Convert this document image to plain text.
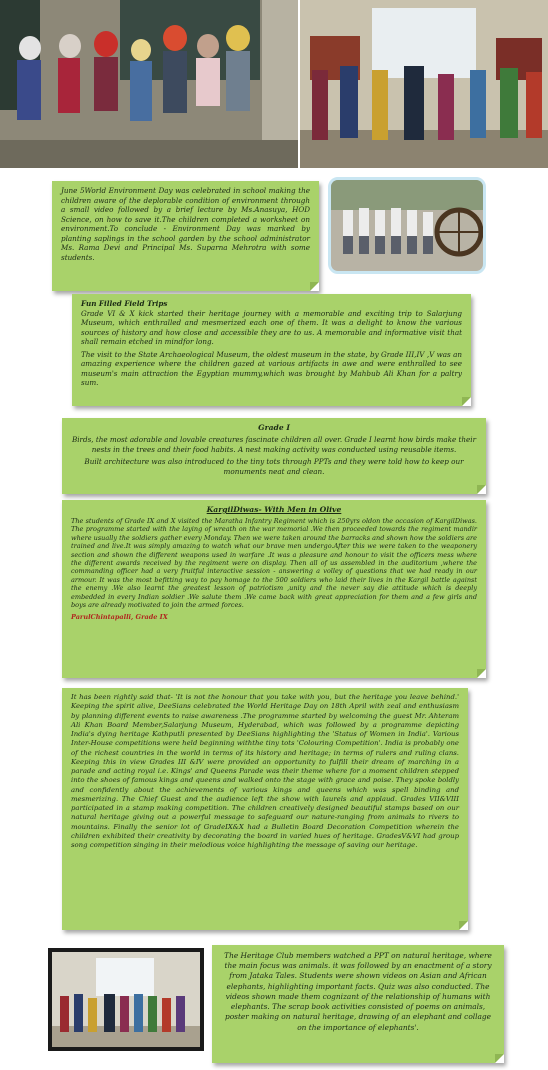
June 5World Environment Day was celebrated in school making the children aware of the deplorable condition of environment through a small video followed by a brief lecture by Ms.Anasuya, HOD Science, on how to save it.The children completed a worksheet on environment.To conclude - Environment Day was marked by planting saplings in the school garden by the school administrator Ms. Rama Devi and Principal Ms. Suparna Mehrotra with some students.

Fun Filled Field Trips
Grade VI & X kick started their heritage journey with a memorable and exciting trip to Salarjung Museum, which enthralled and mesmerized each one of them. It was a delight to know the various sources of history and how close and accessible they are to us. A memorable and informative visit that shall remain etched in mindfor long.

The visit to the State Archaeological Museum, the oldest museum in the state, by Grade III,IV ,V was an amazing experience where the children gazed at various artifacts in awe and were enthralled to see museum's main attraction the Egyptian mummy,which was brought by Mahbub Ali Khan for a paltry sum.

Grade I

Birds, the most adorable and lovable creatures fascinate children all over. Grade I learnt how birds make their nests in the trees and their food habits. A nest making activity was conducted using reusable items.

Built architecture was also introduced to the tiny tots through PPTs and they were told how to keep our monuments neat and clean.

KargilDiwas- With Men in Olive

The students of Grade IX and X visited the Maratha Infantry Regiment which is 250yrs oldon the occasion of KargilDiwas. The programme started with the laying of wreath on the war memorial .We then proceeded towards the regiment mandir where usually the soldiers gather every Monday. Then we were taken around the barracks and shown how the soldiers are trained and live.It was simply amazing to watch what our brave men undergo.After this we were taken to the weaponery section and shown the different weapons used in warfare .It was a pleasure and honour to visit the officers mess where the different awards received by the regiment were on display. Then all of us assembled in the auditorium ,where the commanding officer had a very fruitful interactive session - answering a volley of questions that we had ready in our armour. It was the most befitting way to pay homage to the 500 soldiers who laid their lives in the Kargil battle against the enemy .We also learnt the greatest lesson of patriotism ,unity and the never say die attitude which is deeply embedded in every Indian soldier .We salute them .We came back with great appreciation for them and a few girls and boys are already motivated to join the armed forces.

ParulChintapalli, Grade IX

It has been rightly said that- 'It is not the honour that you take with you, but the heritage you leave behind.' Keeping the spirit alive, DeeSians celebrated the World Heritage Day on 18th April with zeal and enthusiasm by planning different events to raise awareness .The programme started by welcoming the guest Mr. Ahteram Ali Khan Board Member,Salarjung Museum, Hyderabad, which was followed by a programme depicting India's dying heritage Kathputli presented by DeeSians highlighting the 'Status of Women in India'. Various Inter-House competitions were held beginning withthe tiny tots 'Colouring Competition'. India is probably one of the richest countries in the world in terms of its history and heritage; in terms of rulers and ruling clans. Keeping this in view Grades III &IV were provided an opportunity to fulfill their dream of marching in a parade and acting royal i.e. Kings' and Queens Parade was their theme where for a moment children stepped into the shoes of famous kings and queens and walked onto the stage with grace and poise. They spoke boldly and confidently about the achievements of various kings and queens which was spell binding and mesmerizing. The Chief Guest and the audience left the show with laurels and applaud. Grades VII&VIII participated in a stamp making competition. The children creatively designed beautiful stamps based on our natural heritage giving out a powerful message to safeguard our nature-ranging from animals to rivers to mountains. Finally the senior lot of GradeIX&X had a Bulletin Board Decoration Competition wherein the children exhibited their creativity by decorating the board in varied hues of heritage. GradesV&VI had group song competition singing in their melodious voice highlighting the message of saving our heritage.

The Heritage Club members watched a PPT on natural heritage, where the main focus was animals. it was followed by an enactment of a story from Jataka Tales. Students were shown videos on Asian and African elephants, highlighting important facts. Quiz was also conducted. The videos shown made them cognizant of the relationship of humans with elephants. The scrap book activities consisted of poems on animals, poster making on natural heritage, drawing of an elephant and collage on the importance of elephants'.
